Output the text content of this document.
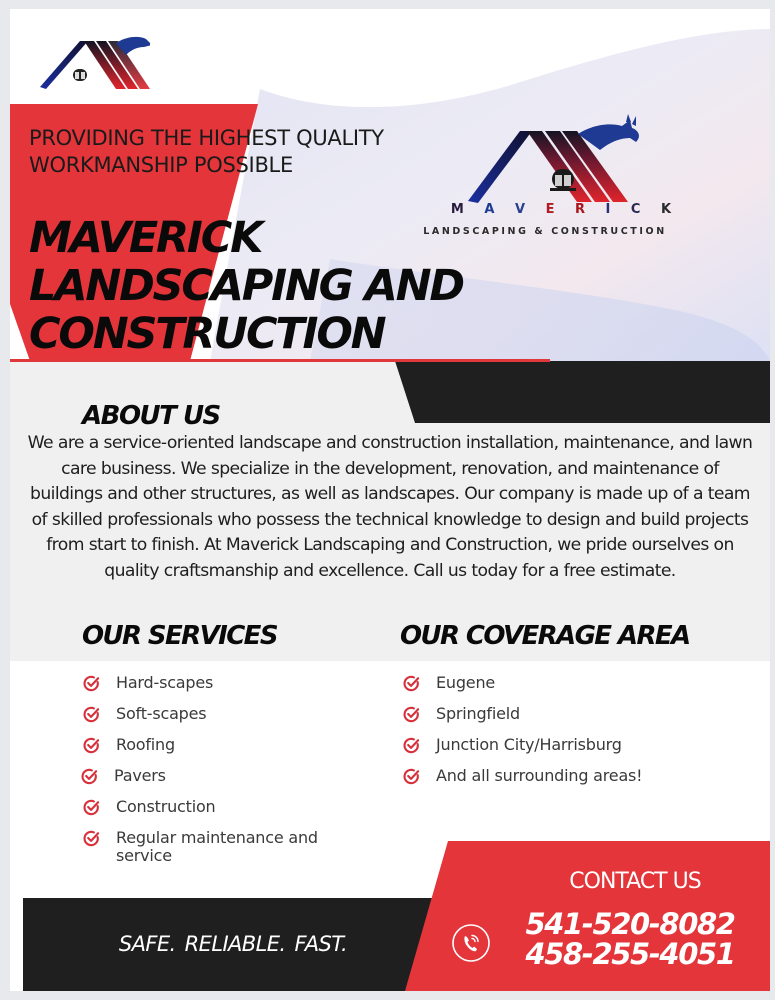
PROVIDING THE HIGHEST QUALITY WORKMANSHIP POSSIBLE
M A V E R I C K
LANDSCAPING & CONSTRUCTION
MAVERICK LANDSCAPING AND CONSTRUCTION
ABOUT US
We are a service-oriented landscape and construction installation, maintenance, and lawn care business. We specialize in the development, renovation, and maintenance of buildings and other structures, as well as landscapes. Our company is made up of a team of skilled professionals who possess the technical knowledge to design and build projects from start to finish. At Maverick Landscaping and Construction, we pride ourselves on quality craftsmanship and excellence. Call us today for a free estimate.
OUR SERVICES	OUR COVERAGE AREA
Hard-scapes
Soft-scapes
Roofing
Pavers
Construction
Regular maintenance and service
Eugene
Springfield
Junction City/Harrisburg
And all surrounding areas!
SAFE. RELIABLE. FAST.
CONTACT US
541-520-8082
458-255-4051
